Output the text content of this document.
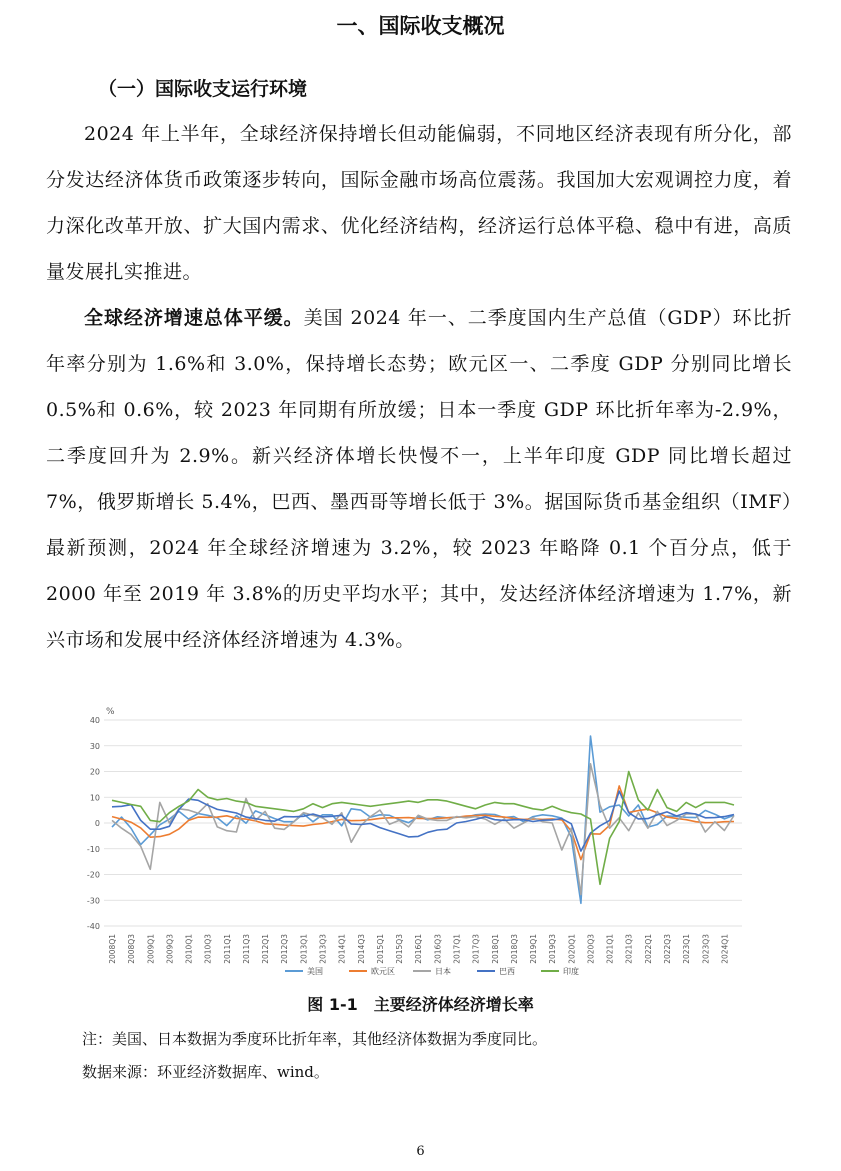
一、国际收支概况
（一）国际收支运行环境

2024 年上半年，全球经济保持增长但动能偏弱，不同地区经济表现有所分化，部分发达经济体货币政策逐步转向，国际金融市场高位震荡。我国加大宏观调控力度，着力深化改革开放、扩大国内需求、优化经济结构，经济运行总体平稳、稳中有进，高质量发展扎实推进。

全球经济增速总体平缓。美国 2024 年一、二季度国内生产总值（GDP）环比折年率分别为 1.6%和 3.0%，保持增长态势；欧元区一、二季度 GDP 分别同比增长 0.5%和 0.6%，较 2023 年同期有所放缓；日本一季度 GDP 环比折年率为-2.9%，二季度回升为 2.9%。新兴经济体增长快慢不一，上半年印度 GDP 同比增长超过 7%，俄罗斯增长 5.4%，巴西、墨西哥等增长低于 3%。据国际货币基金组织（IMF）最新预测，2024 年全球经济增速为 3.2%，较 2023 年略降 0.1 个百分点，低于 2000 年至 2019 年 3.8%的历史平均水平；其中，发达经济体经济增速为 1.7%，新兴市场和发展中经济体经济增速为 4.3%。

-40
-30
-20
-10
0
10
20
30
40
%
2008Q1 2008Q3 2009Q1 2009Q3 2010Q1 2010Q3 2011Q1 2011Q3 2012Q1 2012Q3 2013Q1 2013Q3 2014Q1 2014Q3 2015Q1 2015Q3 2016Q1 2016Q3 2017Q1 2017Q3 2018Q1 2018Q3 2019Q1 2019Q3 2020Q1 2020Q3 2021Q1 2021Q3 2022Q1 2022Q3 2023Q1 2023Q3 2024Q1
美国	欧元区	日本	巴西	印度
图 1-1　主要经济体经济增长率
注：美国、日本数据为季度环比折年率，其他经济体数据为季度同比。
数据来源：环亚经济数据库、wind。
6
